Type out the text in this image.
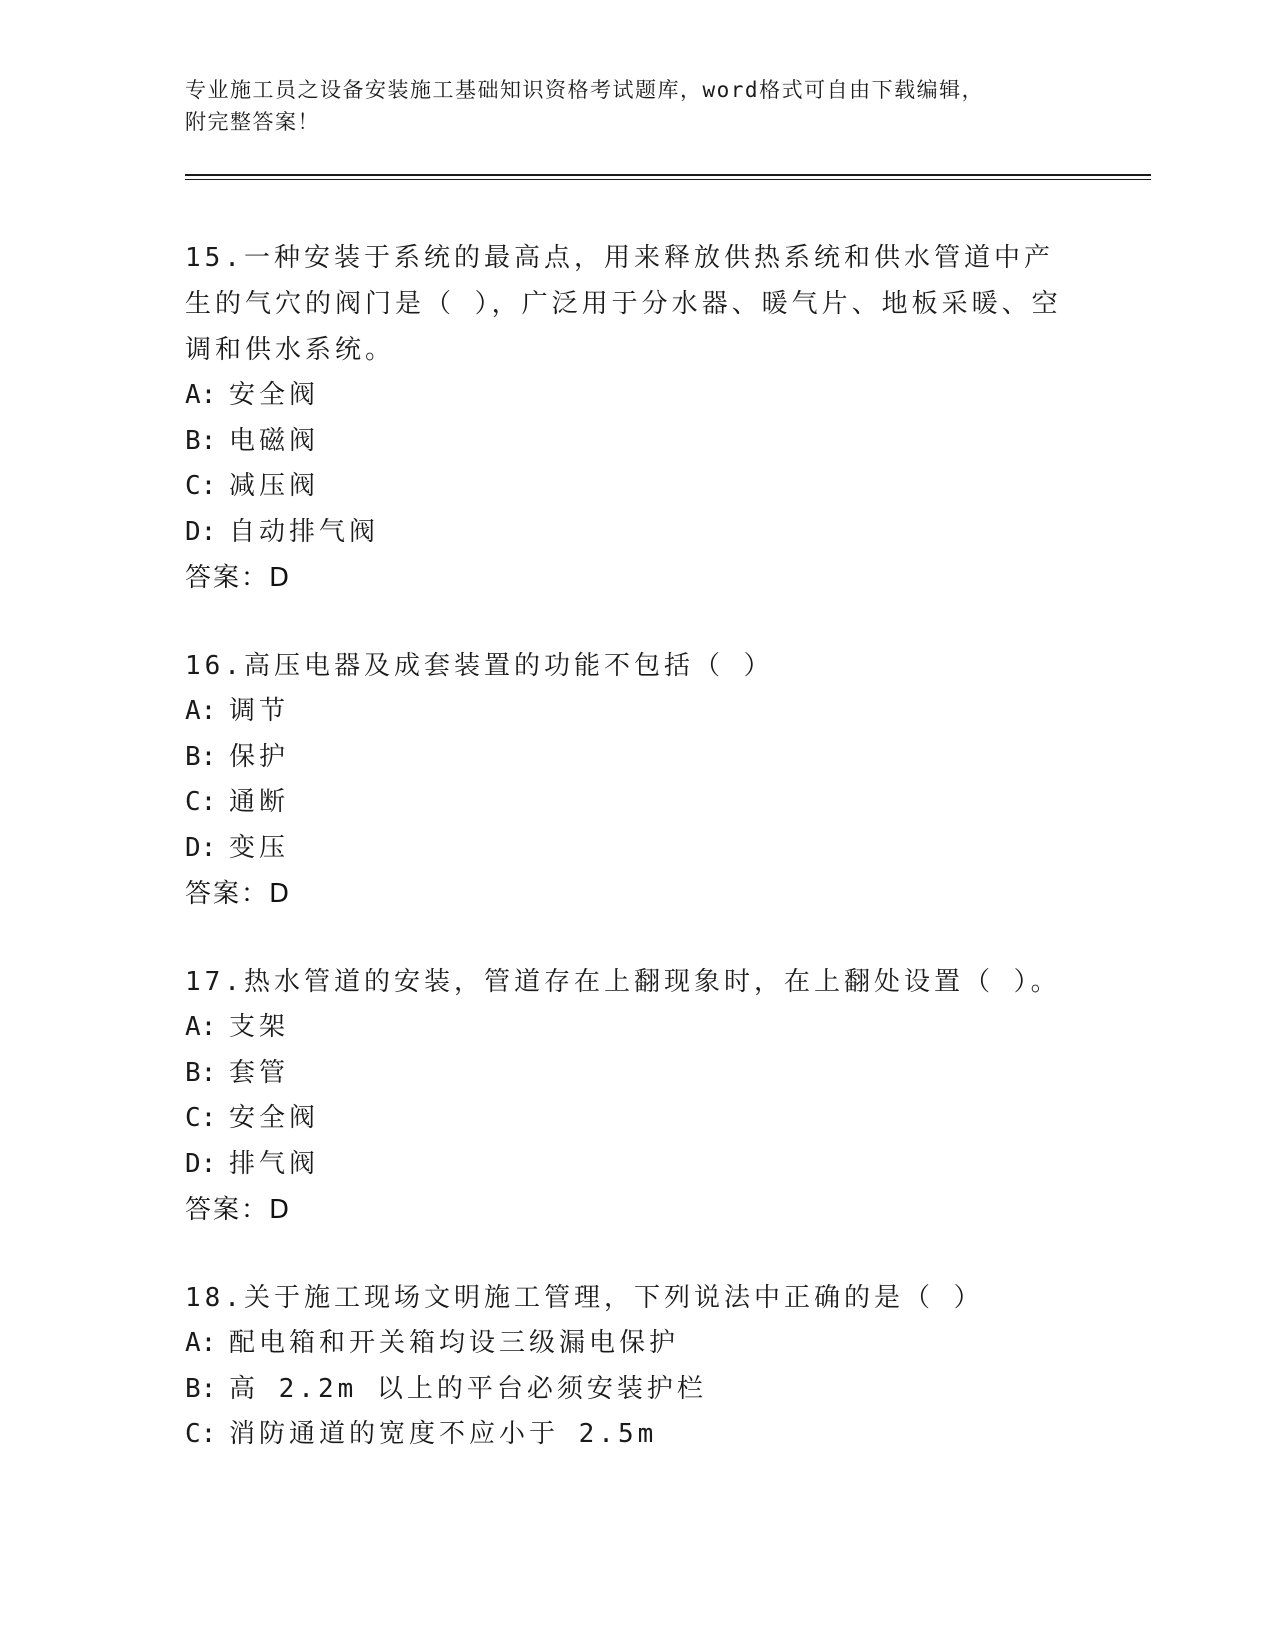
专业施工员之设备安装施工基础知识资格考试题库，word格式可自由下载编辑，
附完整答案！
15.一种安装于系统的最高点，用来释放供热系统和供水管道中产生的气穴的阀门是（ ），广泛用于分水器、暖气片、地板采暖、空调和供水系统。
A: 安全阀
B: 电磁阀
C: 减压阀
D: 自动排气阀
答案：D
16.高压电器及成套装置的功能不包括（ ）
A: 调节
B: 保护
C: 通断
D: 变压
答案：D
17.热水管道的安装，管道存在上翻现象时，在上翻处设置（ ）。
A: 支架
B: 套管
C: 安全阀
D: 排气阀
答案：D
18.关于施工现场文明施工管理，下列说法中正确的是（ ）
A: 配电箱和开关箱均设三级漏电保护
B: 高 2.2m 以上的平台必须安装护栏
C: 消防通道的宽度不应小于 2.5m
